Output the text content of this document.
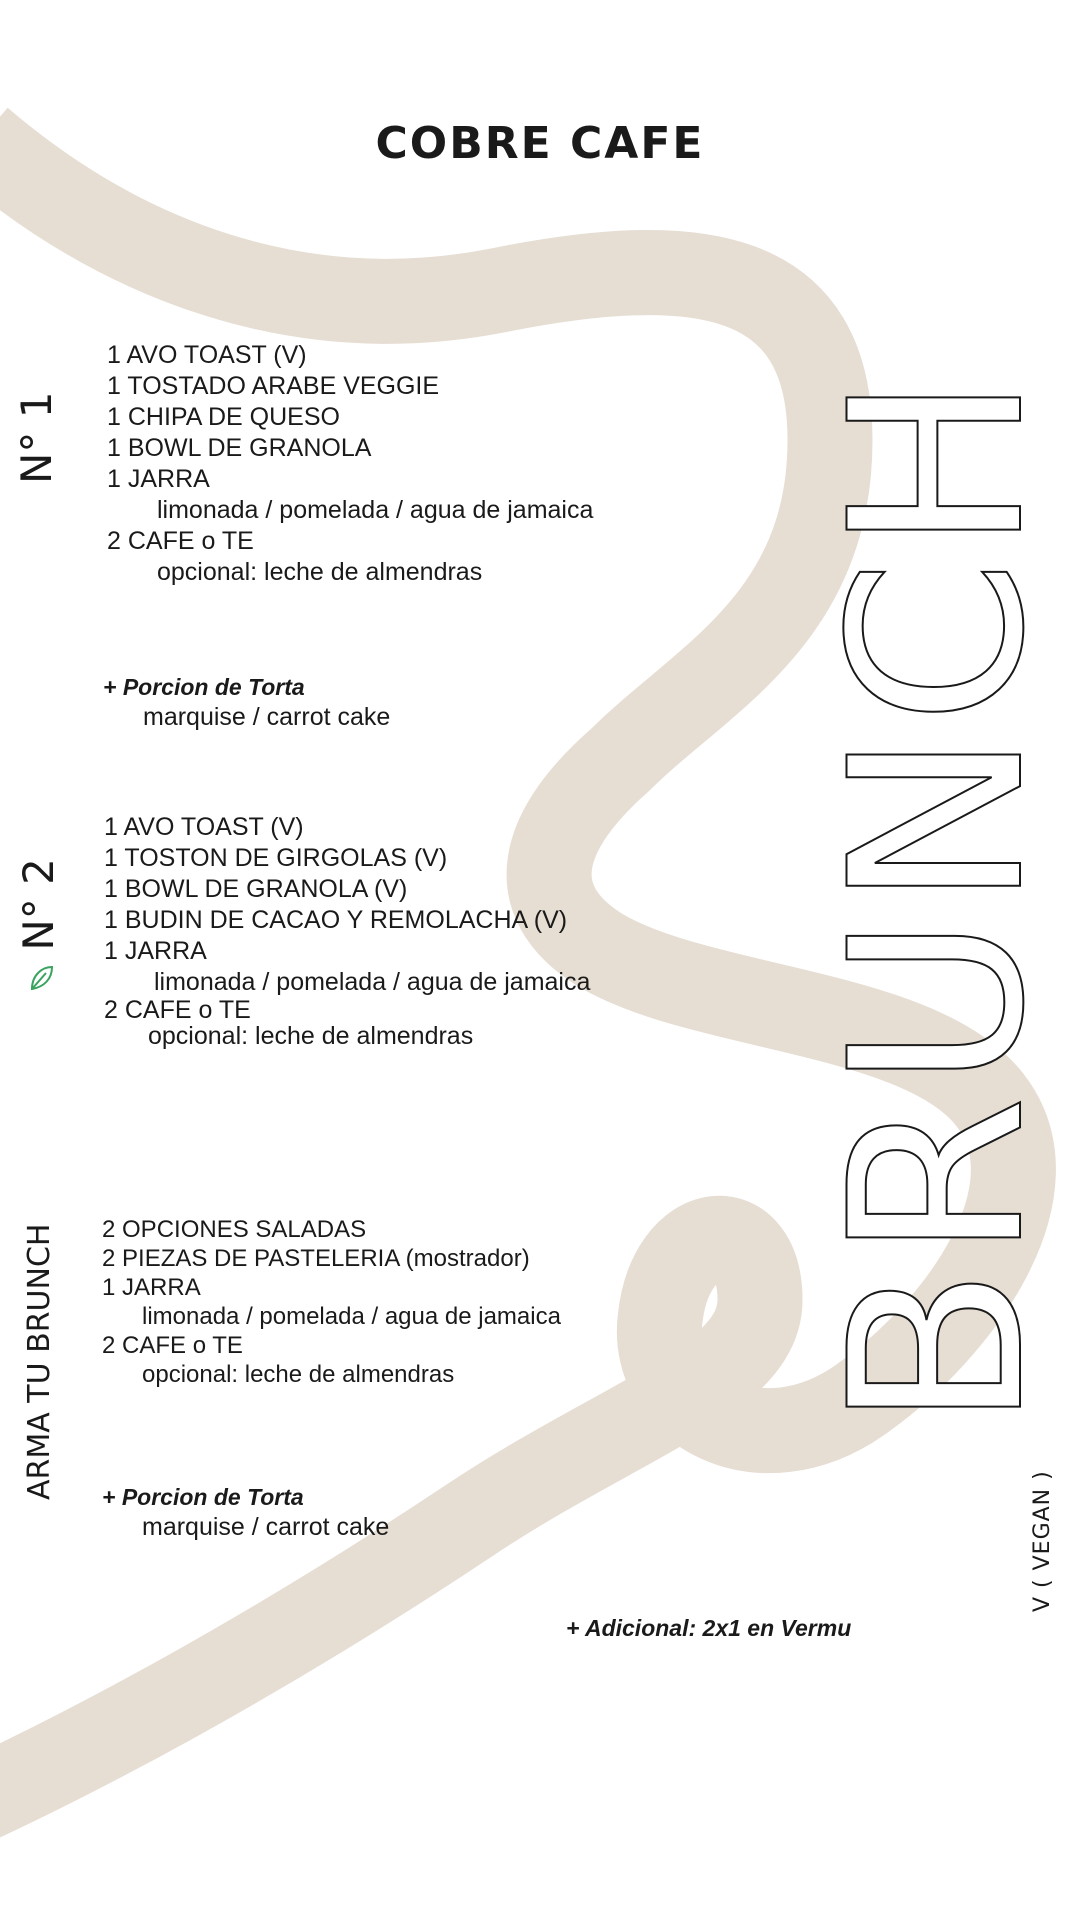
COBRE CAFE
N° 1
1 AVO TOAST (V)
1 TOSTADO ARABE VEGGIE
1 CHIPA DE QUESO
1 BOWL DE GRANOLA
1 JARRA
limonada / pomelada / agua de jamaica
2 CAFE o TE
opcional: leche de almendras
+ Porcion de Torta
marquise / carrot cake
N° 2
1 AVO TOAST (V)
1 TOSTON DE GIRGOLAS (V)
1 BOWL DE GRANOLA (V)
1 BUDIN DE CACAO Y REMOLACHA (V)
1 JARRA
limonada / pomelada / agua de jamaica
2 CAFE o TE
opcional: leche de almendras
ARMA TU BRUNCH 2 OPCIONES SALADAS
2 PIEZAS DE PASTELERIA (mostrador)
1 JARRA
limonada / pomelada / agua de jamaica
2 CAFE o TE
opcional: leche de almendras
+ Porcion de Torta
marquise / carrot cake
BRUNCH
V ( VEGAN )
+ Adicional: 2x1 en Vermu
